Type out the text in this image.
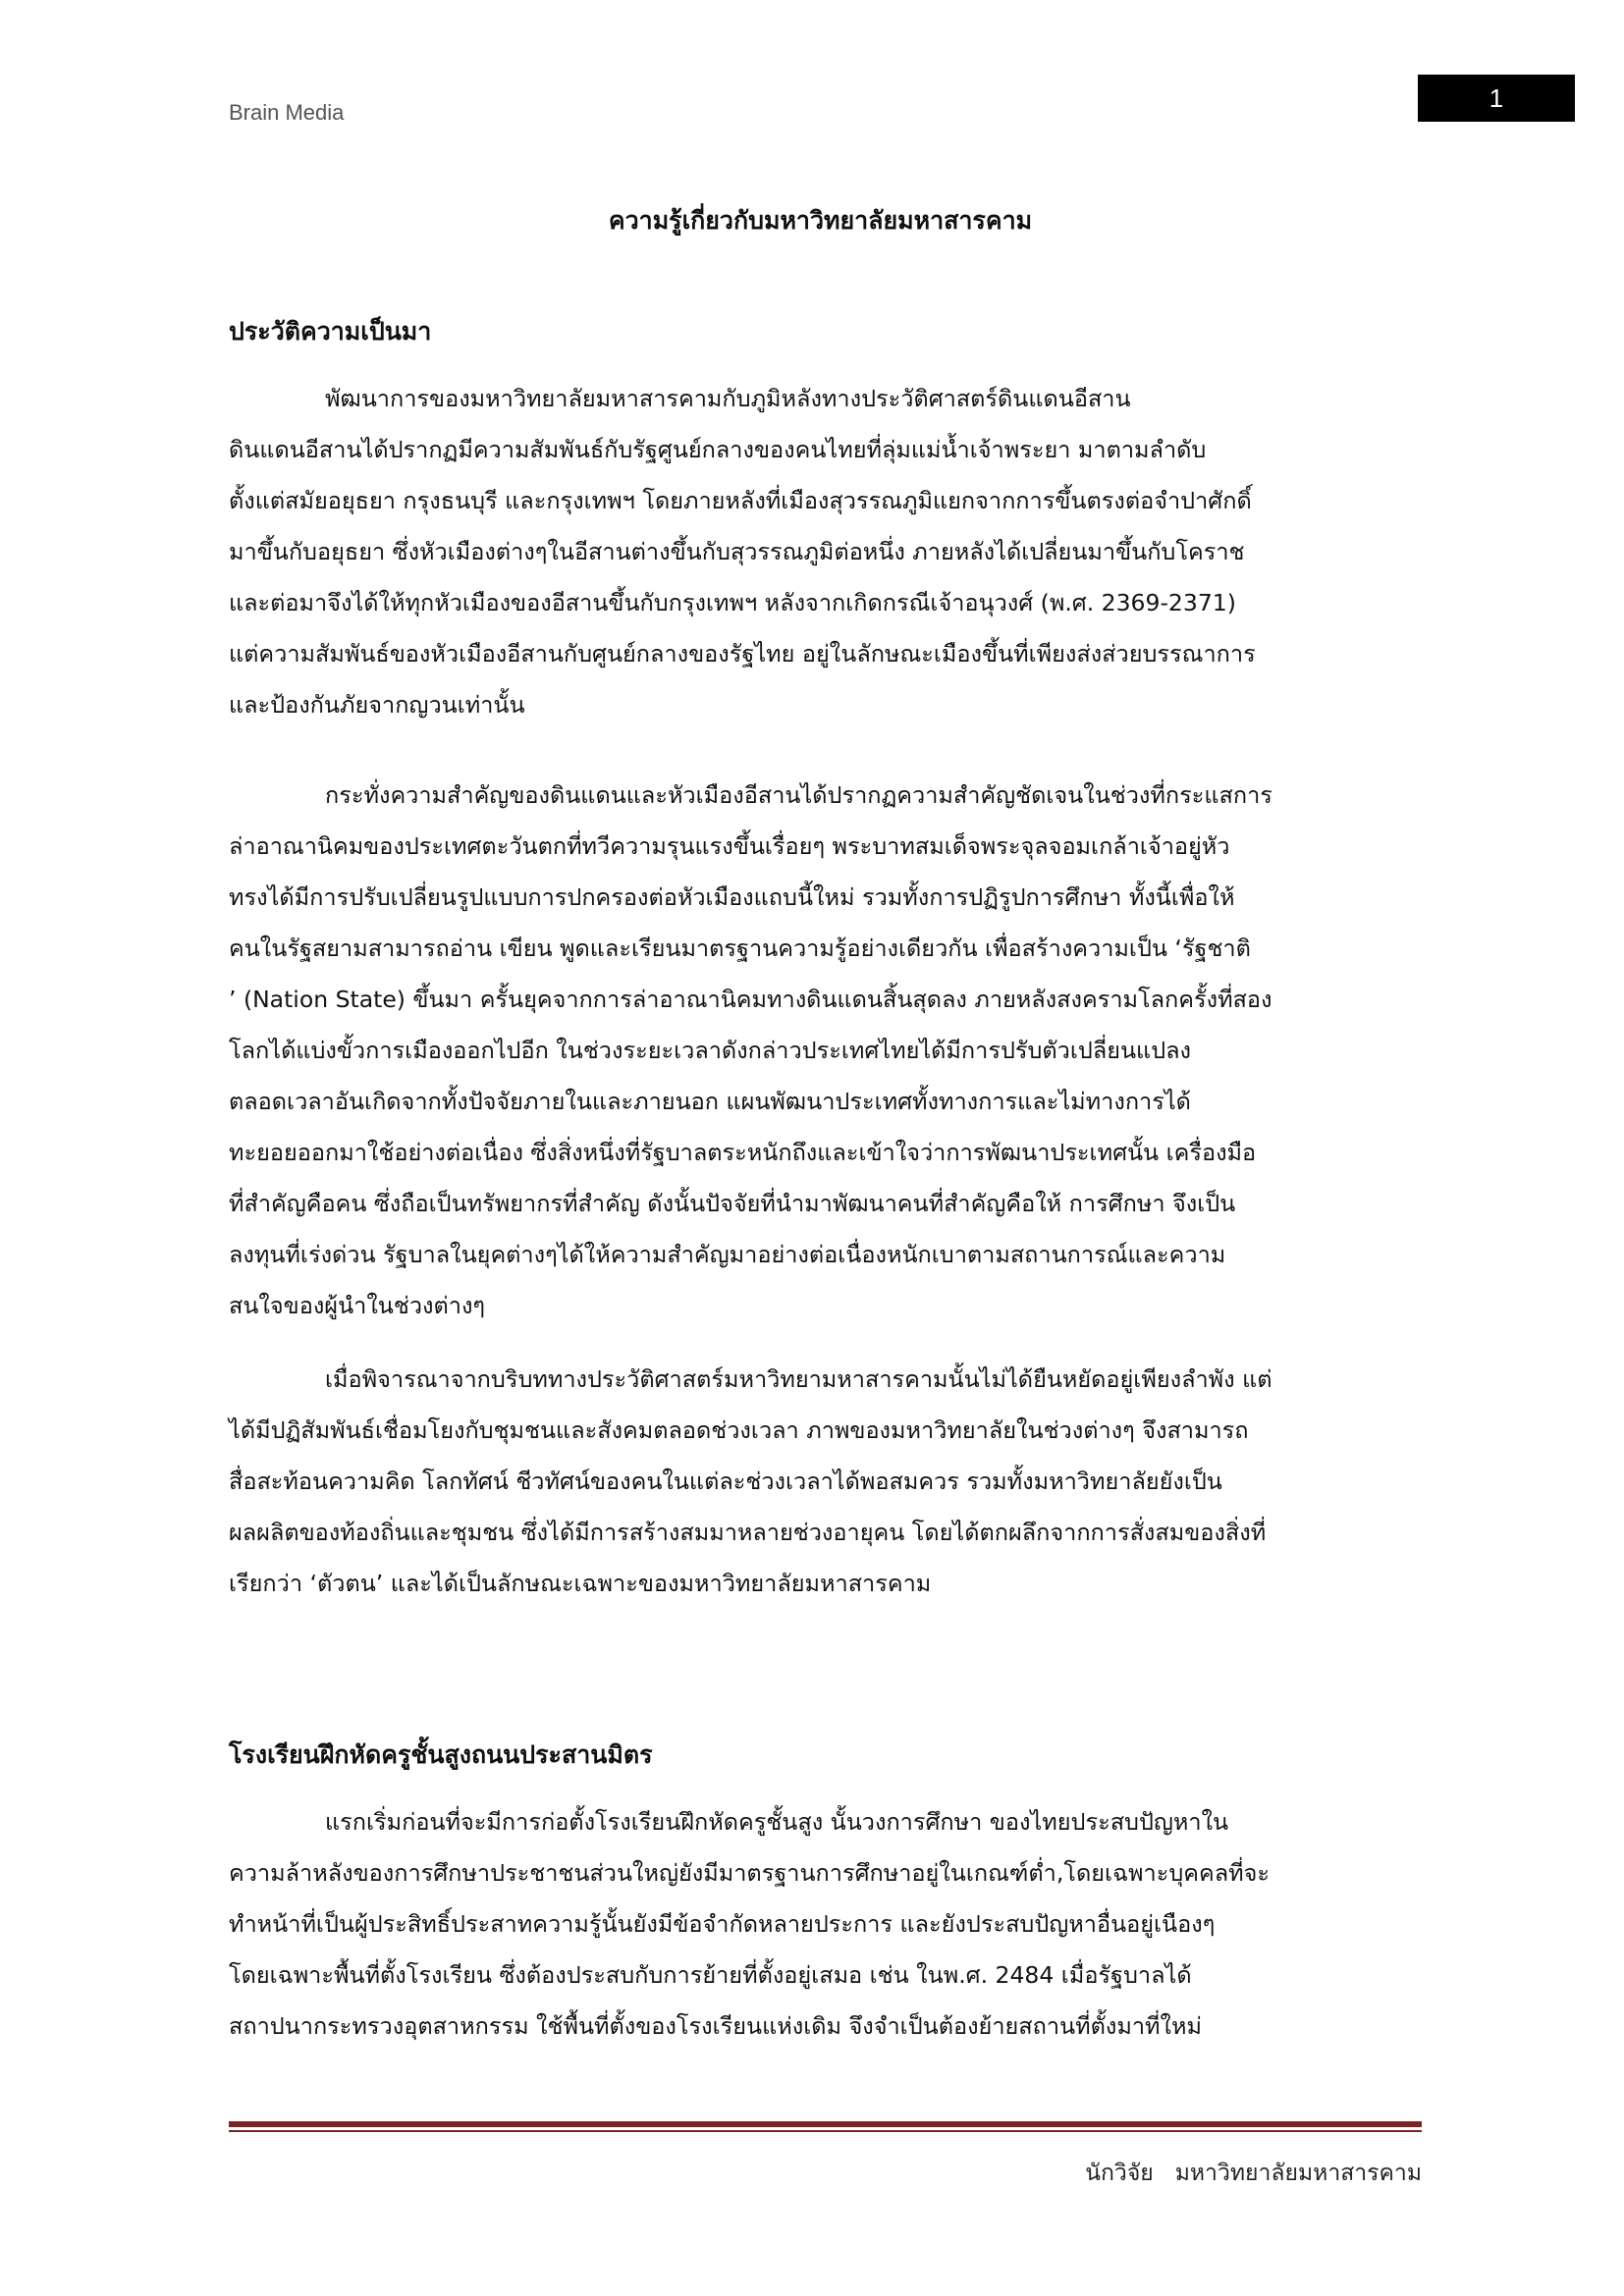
Brain Media	1
ความรู้เกี่ยวกับมหาวิทยาลัยมหาสารคาม
ประวัติความเป็นมา
พัฒนาการของมหาวิทยาลัยมหาสารคามกับภูมิหลังทางประวัติศาสตร์ดินแดนอีสาน
ดินแดนอีสานได้ปรากฏมีความสัมพันธ์กับรัฐศูนย์กลางของคนไทยที่ลุ่มแม่น้ำเจ้าพระยา มาตามลำดับ
ตั้งแต่สมัยอยุธยา กรุงธนบุรี และกรุงเทพฯ โดยภายหลังที่เมืองสุวรรณภูมิแยกจากการขึ้นตรงต่อจำปาศักดิ์
มาขึ้นกับอยุธยา ซึ่งหัวเมืองต่างๆในอีสานต่างขึ้นกับสุวรรณภูมิต่อหนึ่ง ภายหลังได้เปลี่ยนมาขึ้นกับโคราช
และต่อมาจึงได้ให้ทุกหัวเมืองของอีสานขึ้นกับกรุงเทพฯ หลังจากเกิดกรณีเจ้าอนุวงศ์ (พ.ศ. 2369-2371)
แต่ความสัมพันธ์ของหัวเมืองอีสานกับศูนย์กลางของรัฐไทย อยู่ในลักษณะเมืองขึ้นที่เพียงส่งส่วยบรรณาการ
และป้องกันภัยจากญวนเท่านั้น
กระทั่งความสำคัญของดินแดนและหัวเมืองอีสานได้ปรากฏความสำคัญชัดเจนในช่วงที่กระแสการ
ล่าอาณานิคมของประเทศตะวันตกที่ทวีความรุนแรงขึ้นเรื่อยๆ พระบาทสมเด็จพระจุลจอมเกล้าเจ้าอยู่หัว
ทรงได้มีการปรับเปลี่ยนรูปแบบการปกครองต่อหัวเมืองแถบนี้ใหม่ รวมทั้งการปฏิรูปการศึกษา ทั้งนี้เพื่อให้
คนในรัฐสยามสามารถอ่าน เขียน พูดและเรียนมาตรฐานความรู้อย่างเดียวกัน เพื่อสร้างความเป็น ‘รัฐชาติ
’ (Nation State) ขึ้นมา ครั้นยุคจากการล่าอาณานิคมทางดินแดนสิ้นสุดลง ภายหลังสงครามโลกครั้งที่สอง
โลกได้แบ่งขั้วการเมืองออกไปอีก ในช่วงระยะเวลาดังกล่าวประเทศไทยได้มีการปรับตัวเปลี่ยนแปลง
ตลอดเวลาอันเกิดจากทั้งปัจจัยภายในและภายนอก แผนพัฒนาประเทศทั้งทางการและไม่ทางการได้
ทะยอยออกมาใช้อย่างต่อเนื่อง ซึ่งสิ่งหนึ่งที่รัฐบาลตระหนักถึงและเข้าใจว่าการพัฒนาประเทศนั้น เครื่องมือ
ที่สำคัญคือคน ซึ่งถือเป็นทรัพยากรที่สำคัญ ดังนั้นปัจจัยที่นำมาพัฒนาคนที่สำคัญคือให้ การศึกษา จึงเป็น
ลงทุนที่เร่งด่วน รัฐบาลในยุคต่างๆได้ให้ความสำคัญมาอย่างต่อเนื่องหนักเบาตามสถานการณ์และความ
สนใจของผู้นำในช่วงต่างๆ
เมื่อพิจารณาจากบริบททางประวัติศาสตร์มหาวิทยามหาสารคามนั้นไม่ได้ยืนหยัดอยู่เพียงลำพัง แต่
ได้มีปฏิสัมพันธ์เชื่อมโยงกับชุมชนและสังคมตลอดช่วงเวลา ภาพของมหาวิทยาลัยในช่วงต่างๆ จึงสามารถ
สื่อสะท้อนความคิด โลกทัศน์ ชีวทัศน์ของคนในแต่ละช่วงเวลาได้พอสมควร รวมทั้งมหาวิทยาลัยยังเป็น
ผลผลิตของท้องถิ่นและชุมชน ซึ่งได้มีการสร้างสมมาหลายช่วงอายุคน โดยได้ตกผลึกจากการสั่งสมของสิ่งที่
เรียกว่า ‘ตัวตน’ และได้เป็นลักษณะเฉพาะของมหาวิทยาลัยมหาสารคาม
โรงเรียนฝึกหัดครูชั้นสูงถนนประสานมิตร
แรกเริ่มก่อนที่จะมีการก่อตั้งโรงเรียนฝึกหัดครูชั้นสูง นั้นวงการศึกษา ของไทยประสบปัญหาใน
ความล้าหลังของการศึกษาประชาชนส่วนใหญ่ยังมีมาตรฐานการศึกษาอยู่ในเกณฑ์ต่ำ,โดยเฉพาะบุคคลที่จะ
ทำหน้าที่เป็นผู้ประสิทธิ์ประสาทความรู้นั้นยังมีข้อจำกัดหลายประการ และยังประสบปัญหาอื่นอยู่เนืองๆ
โดยเฉพาะพื้นที่ตั้งโรงเรียน ซึ่งต้องประสบกับการย้ายที่ตั้งอยู่เสมอ เช่น ในพ.ศ. 2484 เมื่อรัฐบาลได้
สถาปนากระทรวงอุตสาหกรรม ใช้พื้นที่ตั้งของโรงเรียนแห่งเดิม จึงจำเป็นต้องย้ายสถานที่ตั้งมาที่ใหม่
นักวิจัย   มหาวิทยาลัยมหาสารคาม
